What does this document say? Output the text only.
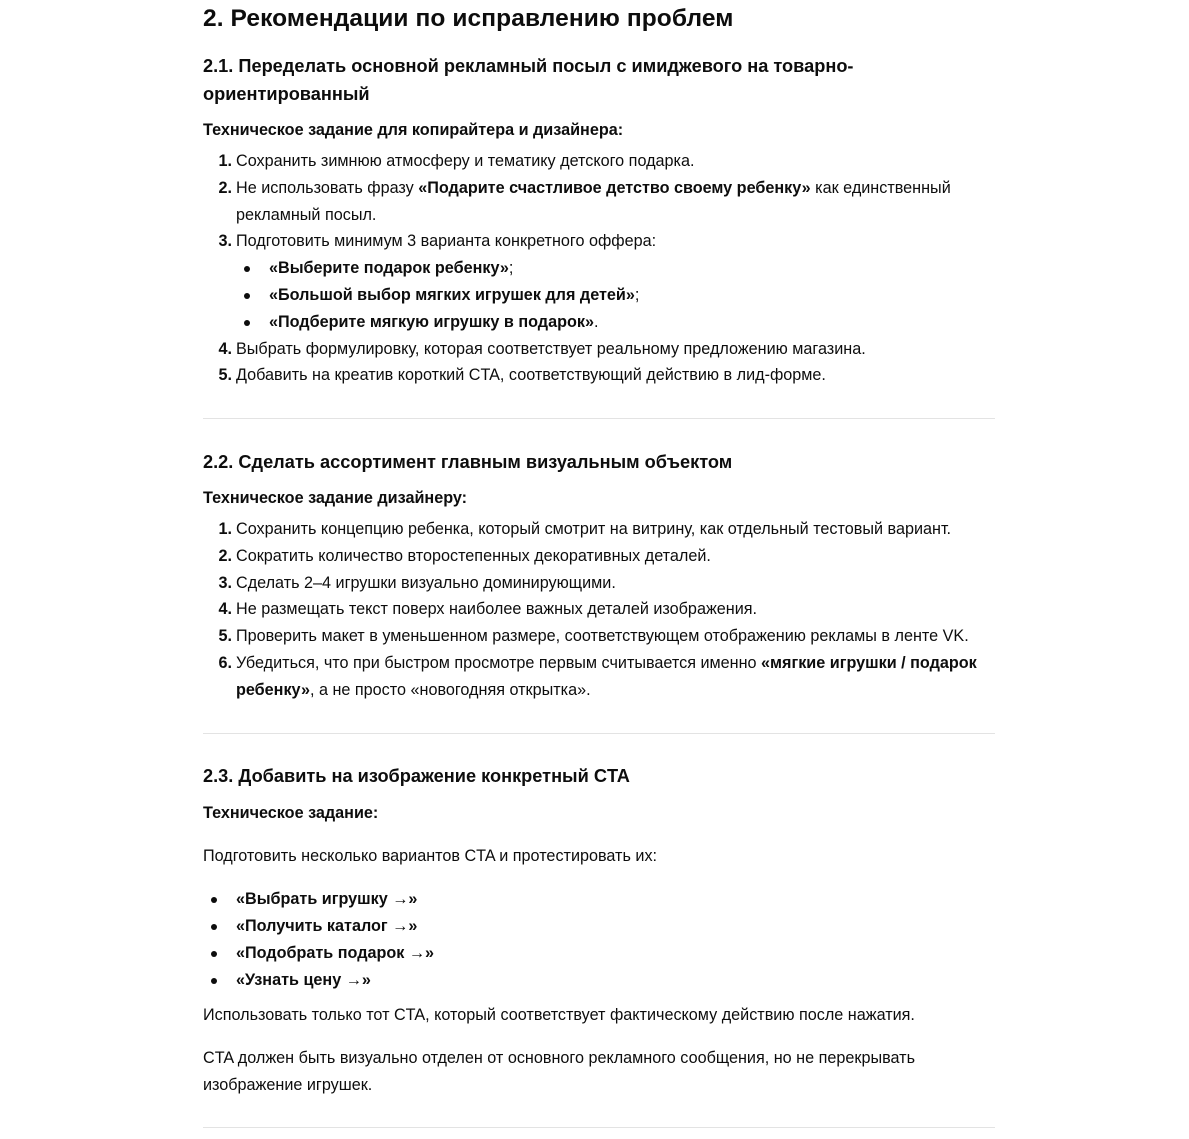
2. Рекомендации по исправлению проблем
2.1. Переделать основной рекламный посыл с имиджевого на товарно-
ориентированный
Техническое задание для копирайтера и дизайнера:
1. Сохранить зимнюю атмосферу и тематику детского подарка.
2. Не использовать фразу «Подарите счастливое детство своему ребенку» как единственный
рекламный посыл.
3. Подготовить минимум 3 варианта конкретного оффера:
«Выберите подарок ребенку»;
«Большой выбор мягких игрушек для детей»;
«Подберите мягкую игрушку в подарок».
4. Выбрать формулировку, которая соответствует реальному предложению магазина.
5. Добавить на креатив короткий CTA, соответствующий действию в лид-форме.
2.2. Сделать ассортимент главным визуальным объектом
Техническое задание дизайнеру:
1. Сохранить концепцию ребенка, который смотрит на витрину, как отдельный тестовый вариант.
2. Сократить количество второстепенных декоративных деталей.
3. Сделать 2–4 игрушки визуально доминирующими.
4. Не размещать текст поверх наиболее важных деталей изображения.
5. Проверить макет в уменьшенном размере, соответствующем отображению рекламы в ленте VK.
6. Убедиться, что при быстром просмотре первым считывается именно «мягкие игрушки / подарок
ребенку», а не просто «новогодняя открытка».
2.3. Добавить на изображение конкретный CTA
Техническое задание:
Подготовить несколько вариантов CTA и протестировать их:
«Выбрать игрушку →»
«Получить каталог →»
«Подобрать подарок →»
«Узнать цену →»
Использовать только тот CTA, который соответствует фактическому действию после нажатия.
CTA должен быть визуально отделен от основного рекламного сообщения, но не перекрывать
изображение игрушек.
